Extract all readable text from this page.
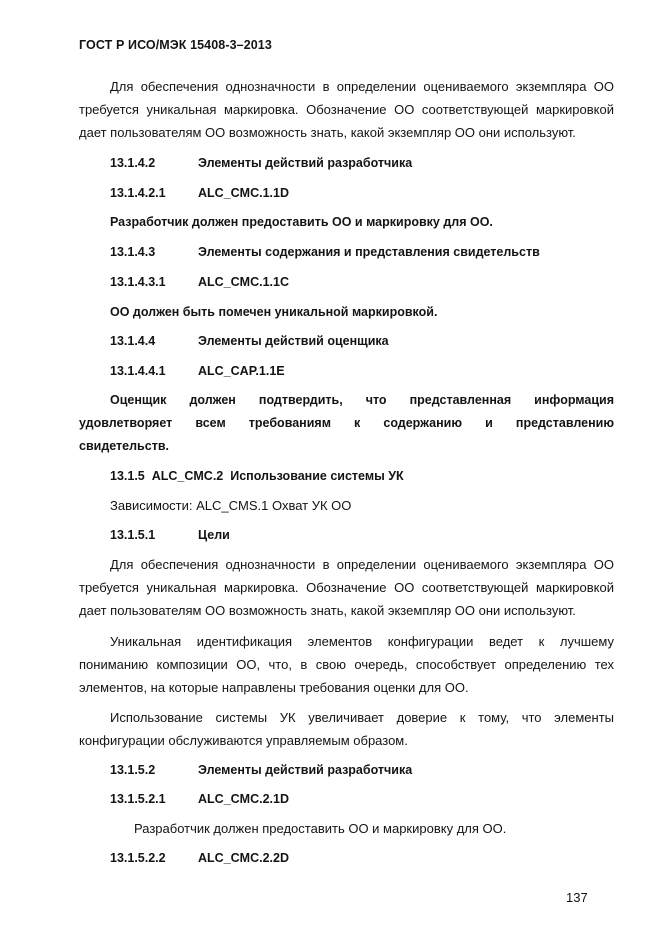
ГОСТ Р ИСО/МЭК 15408-3–2013
Для обеспечения однозначности в определении оцениваемого экземпляра ОО
требуется уникальная маркировка. Обозначение ОО соответствующей маркировкой
дает пользователям ОО возможность знать, какой экземпляр ОО они используют.
13.1.4.2	Элементы действий разработчика
13.1.4.2.1	ALC_CMC.1.1D
Разработчик должен предоставить ОО и маркировку для ОО.
13.1.4.3	Элементы содержания и представления свидетельств
13.1.4.3.1	ALC_CMC.1.1C
ОО должен быть помечен уникальной маркировкой.
13.1.4.4	Элементы действий оценщика
13.1.4.4.1	ALC_CAP.1.1E
Оценщик должен подтвердить, что представленная информация
удовлетворяет всем требованиям к содержанию и представлению
свидетельств.
13.1.5 ALC_CMC.2 Использование системы УК
Зависимости: ALC_CMS.1 Охват УК ОО
13.1.5.1	Цели
Для обеспечения однозначности в определении оцениваемого экземпляра ОО
требуется уникальная маркировка. Обозначение ОО соответствующей маркировкой
дает пользователям ОО возможность знать, какой экземпляр ОО они используют.
Уникальная идентификация элементов конфигурации ведет к лучшему
пониманию композиции ОО, что, в свою очередь, способствует определению тех
элементов, на которые направлены требования оценки для ОО.
Использование системы УК увеличивает доверие к тому, что элементы
конфигурации обслуживаются управляемым образом.
13.1.5.2	Элементы действий разработчика
13.1.5.2.1	ALC_CMC.2.1D
Разработчик должен предоставить ОО и маркировку для ОО.
13.1.5.2.2	ALC_CMC.2.2D
137
